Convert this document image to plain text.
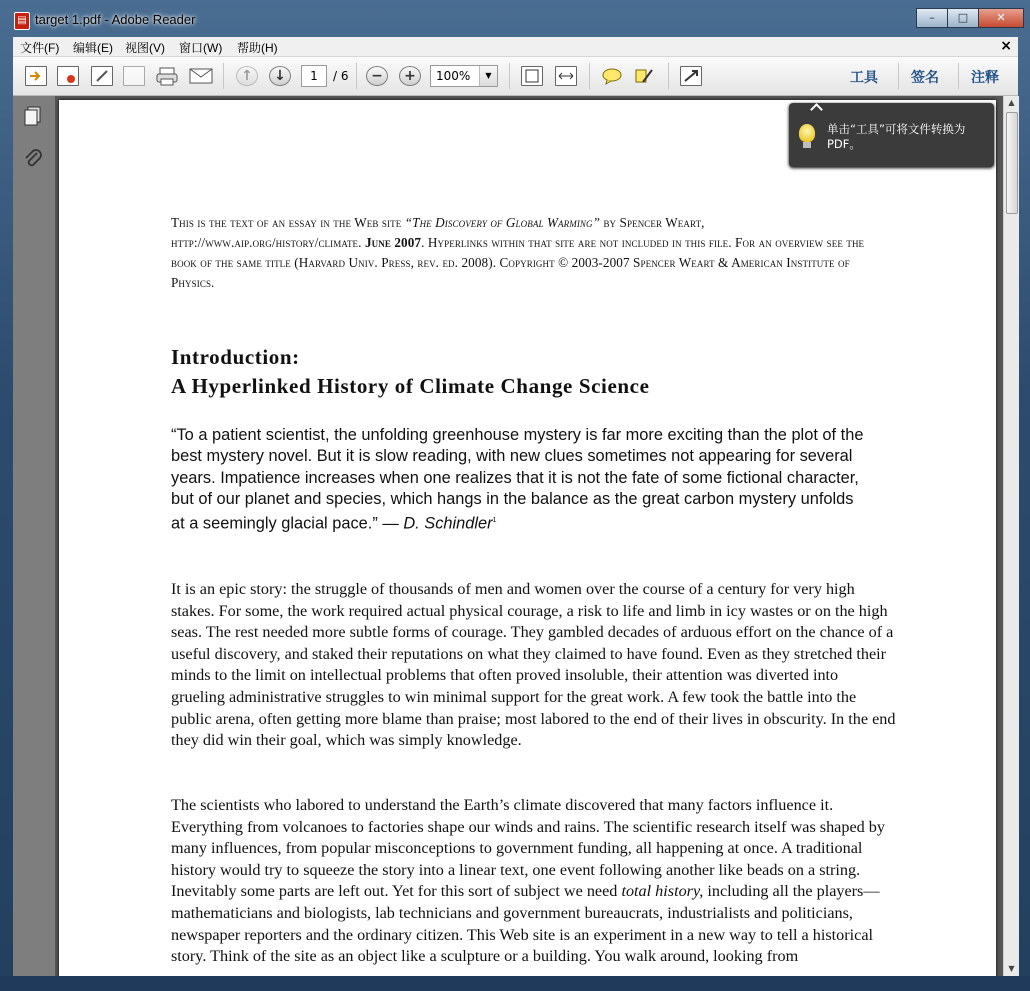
▤ target 1.pdf - Adobe Reader	–	□	✕
文件(F) 编辑(E) 视图(V) 窗口(W) 帮助(H)	×
↑	↓	1	/ 6	−	+	100%	▼	工具 签名 注释
This is the text of an essay in the Web site “The Discovery of Global Warming” by Spencer Weart, http://www.aip.org/history/climate. June 2007. Hyperlinks within that site are not included in this file. For an overview see the book of the same title (Harvard Univ. Press, rev. ed. 2008). Copyright © 2003-2007 Spencer Weart & American Institute of Physics.
Introduction:
A Hyperlinked History of Climate Change Science
“To a patient scientist, the unfolding greenhouse mystery is far more exciting than the plot of the best mystery novel. But it is slow reading, with new clues sometimes not appearing for several years. Impatience increases when one realizes that it is not the fate of some fictional character, but of our planet and species, which hangs in the balance as the great carbon mystery unfolds at a seemingly glacial pace.” — D. Schindler$^1$
It is an epic story: the struggle of thousands of men and women over the course of a century for very high stakes. For some, the work required actual physical courage, a risk to life and limb in icy wastes or on the high seas. The rest needed more subtle forms of courage. They gambled decades of arduous effort on the chance of a useful discovery, and staked their reputations on what they claimed to have found. Even as they stretched their minds to the limit on intellectual problems that often proved insoluble, their attention was diverted into grueling administrative struggles to win minimal support for the great work. A few took the battle into the public arena, often getting more blame than praise; most labored to the end of their lives in obscurity. In the end they did win their goal, which was simply knowledge.
The scientists who labored to understand the Earth’s climate discovered that many factors influence it. Everything from volcanoes to factories shape our winds and rains. The scientific research itself was shaped by many influences, from popular misconceptions to government funding, all happening at once. A traditional history would try to squeeze the story into a linear text, one event following another like beads on a string. Inevitably some parts are left out. Yet for this sort of subject we need total history, including all the players—mathematicians and biologists, lab technicians and government bureaucrats, industrialists and politicians, newspaper reporters and the ordinary citizen. This Web site is an experiment in a new way to tell a historical story. Think of the site as an object like a sculpture or a building. You walk around, looking from
▲
▼
单击“工具”可将文件转换为PDF。
